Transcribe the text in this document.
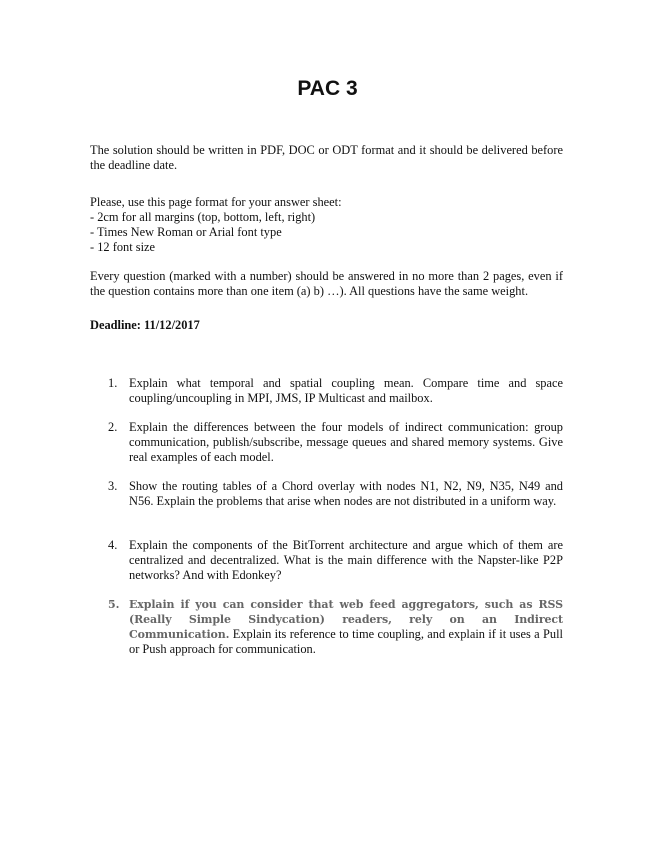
PAC 3
The solution should be written in PDF, DOC or ODT format and it should be delivered before the deadline date.
Please, use this page format for your answer sheet:
- 2cm for all margins (top, bottom, left, right)
- Times New Roman or Arial font type
- 12 font size
Every question (marked with a number) should be answered in no more than 2 pages, even if the question contains more than one item (a) b) …). All questions have the same weight.
Deadline: 11/12/2017
1. Explain what temporal and spatial coupling mean. Compare time and space coupling/uncoupling in MPI, JMS, IP Multicast and mailbox.
2. Explain the differences between the four models of indirect communication: group communication, publish/subscribe, message queues and shared memory systems. Give real examples of each model.
3. Show the routing tables of a Chord overlay with nodes N1, N2, N9, N35, N49 and N56. Explain the problems that arise when nodes are not distributed in a uniform way.
4. Explain the components of the BitTorrent architecture and argue which of them are centralized and decentralized. What is the main difference with the Napster-like P2P networks? And with Edonkey?
5. Explain if you can consider that web feed aggregators, such as RSS (Really Simple Sindycation) readers, rely on an Indirect Communication. Explain its reference to time coupling, and explain if it uses a Pull or Push approach for communication.
